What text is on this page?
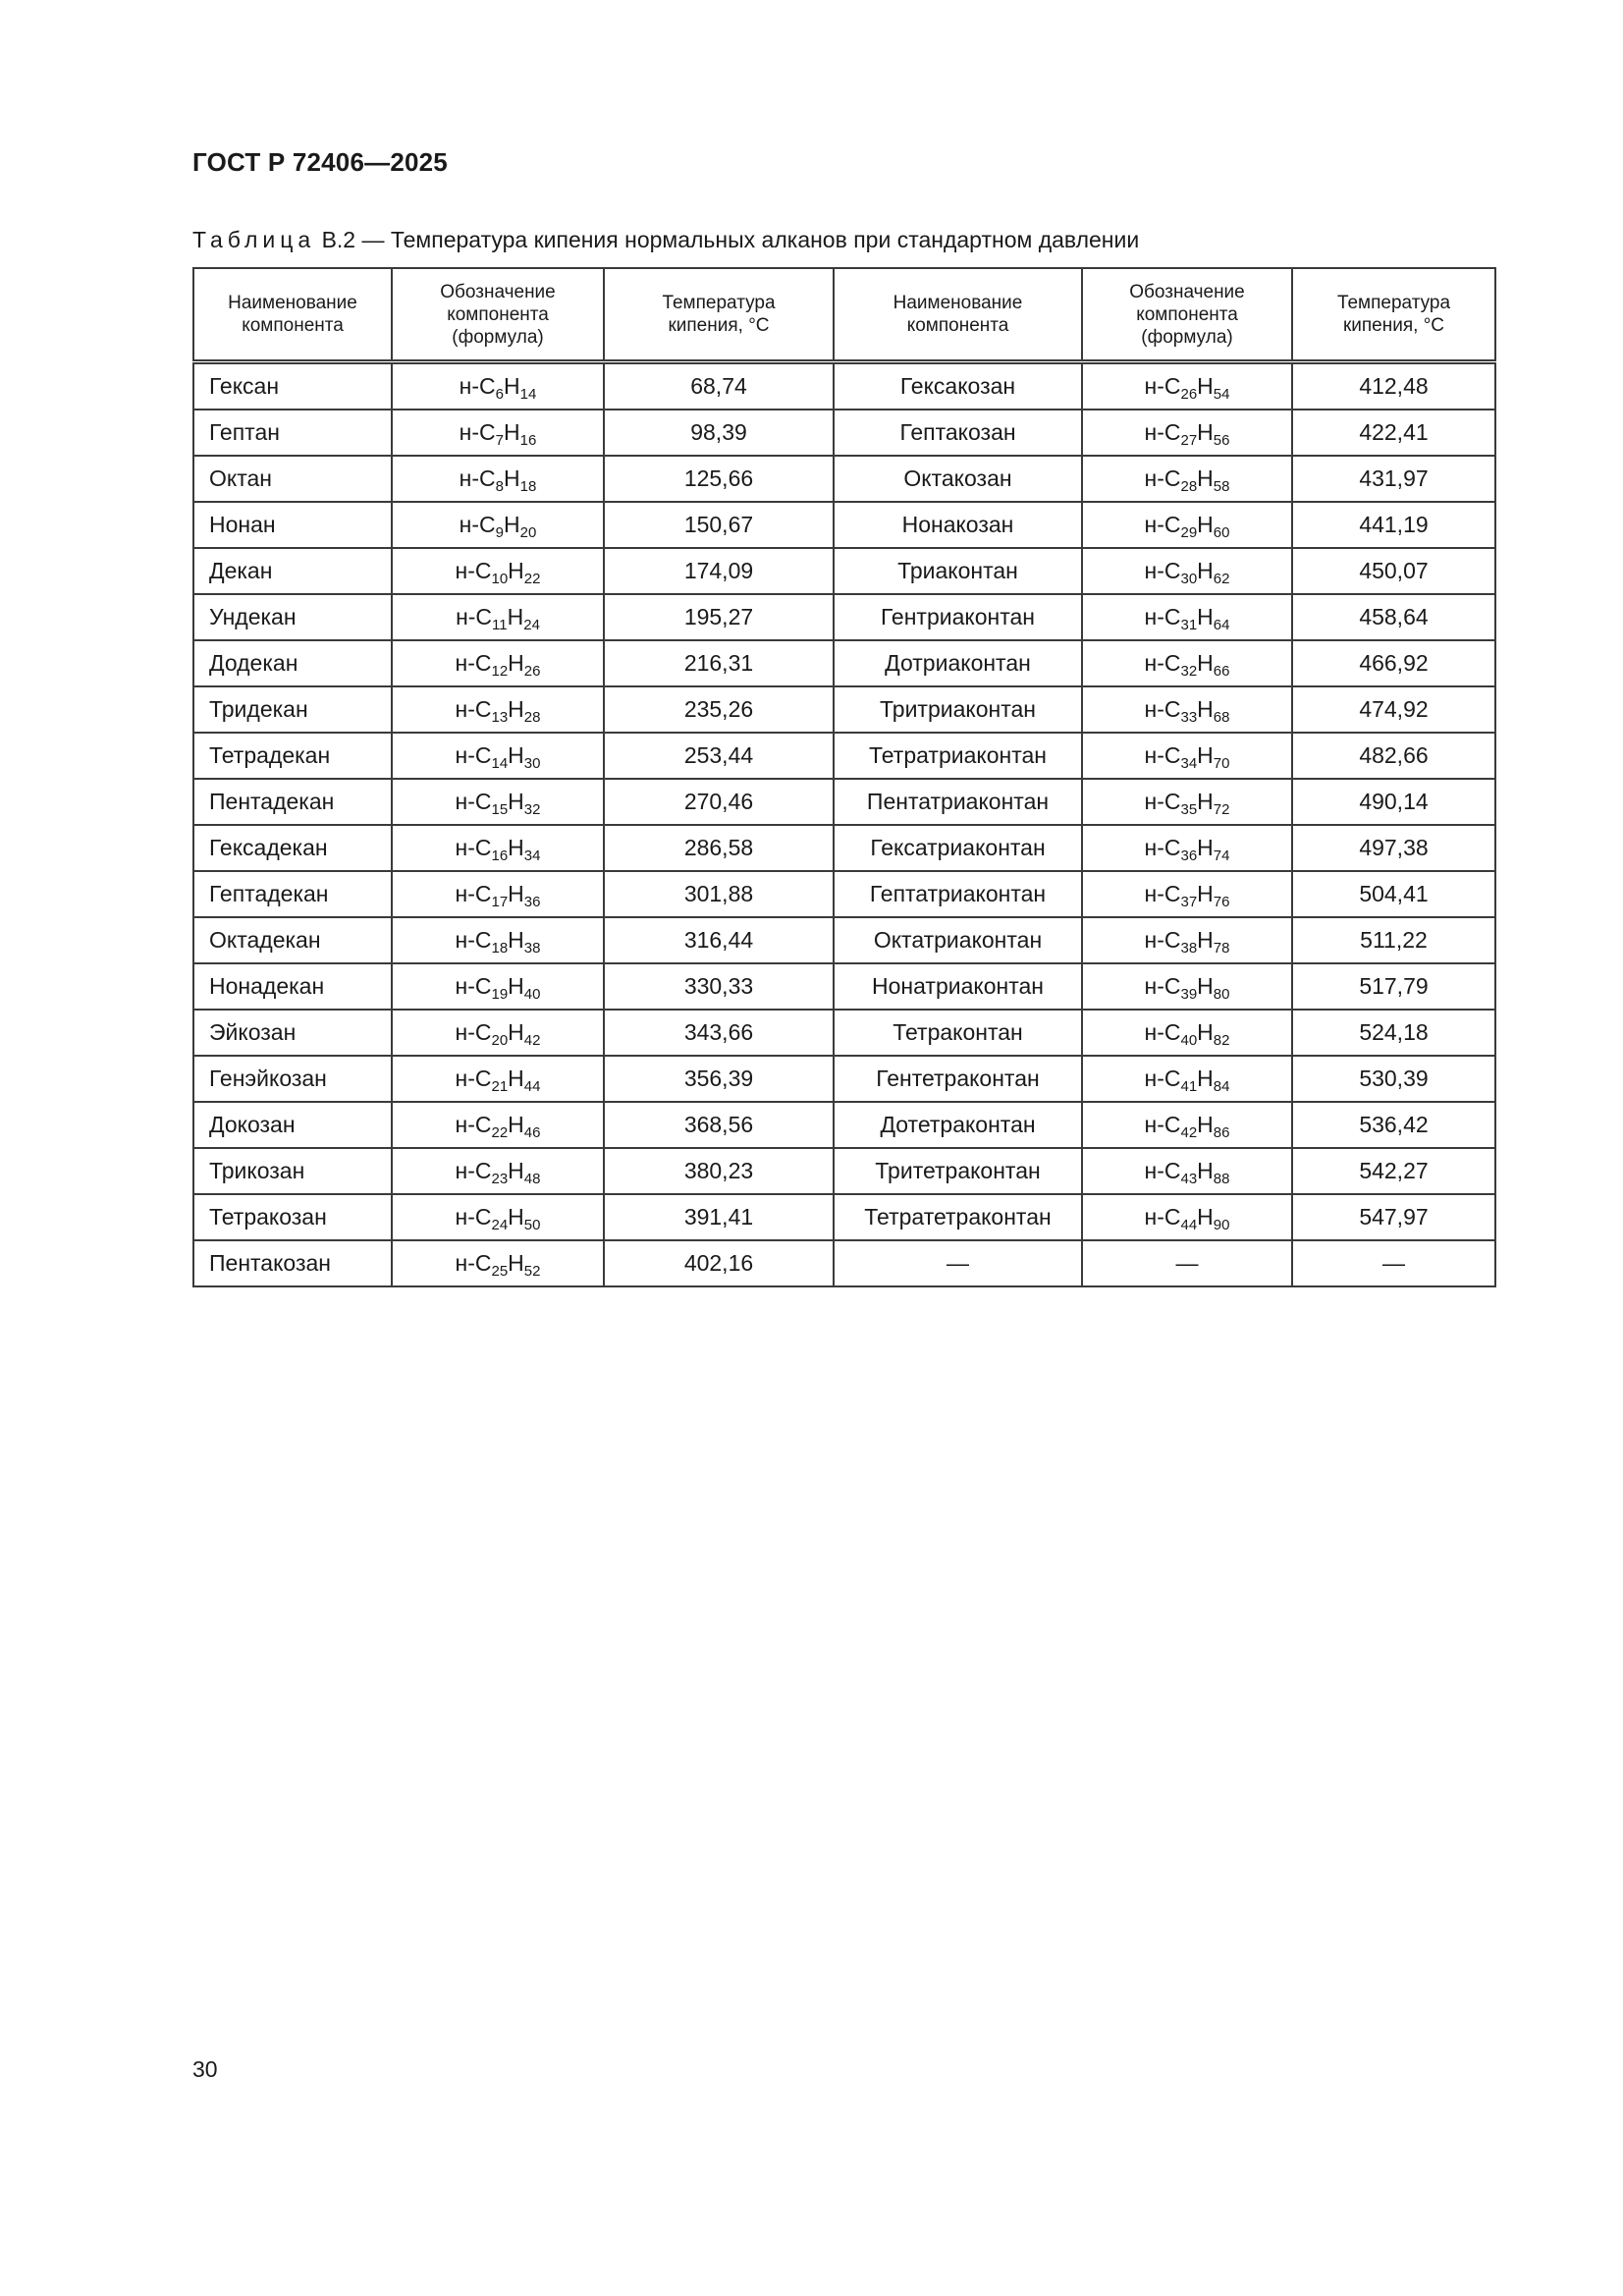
ГОСТ Р 72406—2025
Таблица В.2 — Температура кипения нормальных алканов при стандартном давлении
Наименование
компонента	Обозначение
компонента
(формула)	Температура
кипения, °С	Наименование
компонента	Обозначение
компонента
(формула)	Температура
кипения, °С
Гексан	$н-С_6H_{14}$	68,74	Гексакозан	$н-С_{26}H_{54}$	412,48
Гептан	$н-С_7H_{16}$	98,39	Гептакозан	$н-С_{27}H_{56}$	422,41
Октан	$н-С_8H_{18}$	125,66	Октакозан	$н-С_{28}H_{58}$	431,97
Нонан	$н-С_9H_{20}$	150,67	Нонакозан	$н-С_{29}H_{60}$	441,19
Декан	$н-С_{10}H_{22}$	174,09	Триаконтан	$н-С_{30}H_{62}$	450,07
Ундекан	$н-С_{11}H_{24}$	195,27	Гентриаконтан	$н-С_{31}H_{64}$	458,64
Додекан	$н-С_{12}H_{26}$	216,31	Дотриаконтан	$н-С_{32}H_{66}$	466,92
Тридекан	$н-С_{13}H_{28}$	235,26	Тритриаконтан	$н-С_{33}H_{68}$	474,92
Тетрадекан	$н-С_{14}H_{30}$	253,44	Тетратриаконтан	$н-С_{34}H_{70}$	482,66
Пентадекан	$н-С_{15}H_{32}$	270,46	Пентатриаконтан	$н-С_{35}H_{72}$	490,14
Гексадекан	$н-С_{16}H_{34}$	286,58	Гексатриаконтан	$н-С_{36}H_{74}$	497,38
Гептадекан	$н-С_{17}H_{36}$	301,88	Гептатриаконтан	$н-С_{37}H_{76}$	504,41
Октадекан	$н-С_{18}H_{38}$	316,44	Октатриаконтан	$н-С_{38}H_{78}$	511,22
Нонадекан	$н-С_{19}H_{40}$	330,33	Нонатриаконтан	$н-С_{39}H_{80}$	517,79
Эйкозан	$н-С_{20}H_{42}$	343,66	Тетраконтан	$н-С_{40}H_{82}$	524,18
Генэйкозан	$н-С_{21}H_{44}$	356,39	Гентетраконтан	$н-С_{41}H_{84}$	530,39
Докозан	$н-С_{22}H_{46}$	368,56	Дотетраконтан	$н-С_{42}H_{86}$	536,42
Трикозан	$н-С_{23}H_{48}$	380,23	Тритетраконтан	$н-С_{43}H_{88}$	542,27
Тетракозан	$н-С_{24}H_{50}$	391,41	Тетратетраконтан	$н-С_{44}H_{90}$	547,97
Пентакозан	$н-С_{25}H_{52}$	402,16	—	—	—
30
